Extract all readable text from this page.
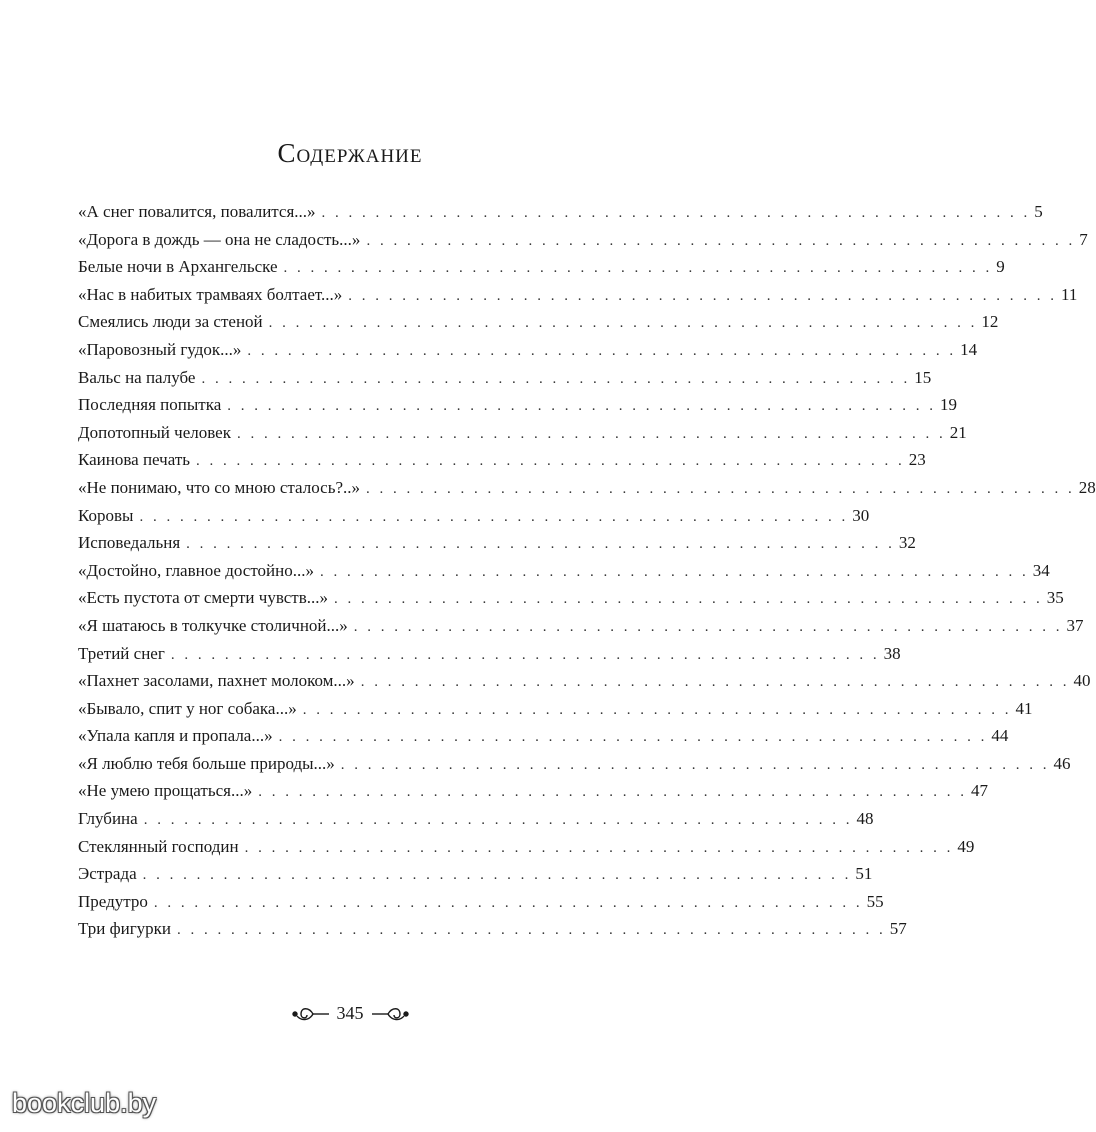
Содержание
«А снег повалится, повалится...» . . . . . . . . . . . . . . . . . . . . . . . . . . . . . . . . . . . . . . . . . . . . . . . . . . . . . 5
«Дорога в дождь — она не сладость...» . . . . . . . . . . . . . . . . . . . . . . . . . . . . . . . . . . . . . . . . . . . . . . . . . . . . . 7
Белые ночи в Архангельске . . . . . . . . . . . . . . . . . . . . . . . . . . . . . . . . . . . . . . . . . . . . . . . . . . . . . 9
«Нас в набитых трамваях болтает...» . . . . . . . . . . . . . . . . . . . . . . . . . . . . . . . . . . . . . . . . . . . . . . . . . . . . . 11
Смеялись люди за стеной . . . . . . . . . . . . . . . . . . . . . . . . . . . . . . . . . . . . . . . . . . . . . . . . . . . . . 12
«Паровозный гудок...» . . . . . . . . . . . . . . . . . . . . . . . . . . . . . . . . . . . . . . . . . . . . . . . . . . . . . 14
Вальс на палубе . . . . . . . . . . . . . . . . . . . . . . . . . . . . . . . . . . . . . . . . . . . . . . . . . . . . . 15
Последняя попытка . . . . . . . . . . . . . . . . . . . . . . . . . . . . . . . . . . . . . . . . . . . . . . . . . . . . . 19
Допотопный человек . . . . . . . . . . . . . . . . . . . . . . . . . . . . . . . . . . . . . . . . . . . . . . . . . . . . . 21
Каинова печать . . . . . . . . . . . . . . . . . . . . . . . . . . . . . . . . . . . . . . . . . . . . . . . . . . . . . 23
«Не понимаю, что со мною сталось?..» . . . . . . . . . . . . . . . . . . . . . . . . . . . . . . . . . . . . . . . . . . . . . . . . . . . . . 28
Коровы . . . . . . . . . . . . . . . . . . . . . . . . . . . . . . . . . . . . . . . . . . . . . . . . . . . . . 30
Исповедальня . . . . . . . . . . . . . . . . . . . . . . . . . . . . . . . . . . . . . . . . . . . . . . . . . . . . . 32
«Достойно, главное достойно...» . . . . . . . . . . . . . . . . . . . . . . . . . . . . . . . . . . . . . . . . . . . . . . . . . . . . . 34
«Есть пустота от смерти чувств...» . . . . . . . . . . . . . . . . . . . . . . . . . . . . . . . . . . . . . . . . . . . . . . . . . . . . . 35
«Я шатаюсь в толкучке столичной...» . . . . . . . . . . . . . . . . . . . . . . . . . . . . . . . . . . . . . . . . . . . . . . . . . . . . . 37
Третий снег . . . . . . . . . . . . . . . . . . . . . . . . . . . . . . . . . . . . . . . . . . . . . . . . . . . . . 38
«Пахнет засолами, пахнет молоком...» . . . . . . . . . . . . . . . . . . . . . . . . . . . . . . . . . . . . . . . . . . . . . . . . . . . . . 40
«Бывало, спит у ног собака...» . . . . . . . . . . . . . . . . . . . . . . . . . . . . . . . . . . . . . . . . . . . . . . . . . . . . . 41
«Упала капля и пропала...» . . . . . . . . . . . . . . . . . . . . . . . . . . . . . . . . . . . . . . . . . . . . . . . . . . . . . 44
«Я люблю тебя больше природы...» . . . . . . . . . . . . . . . . . . . . . . . . . . . . . . . . . . . . . . . . . . . . . . . . . . . . . 46
«Не умею прощаться...» . . . . . . . . . . . . . . . . . . . . . . . . . . . . . . . . . . . . . . . . . . . . . . . . . . . . . 47
Глубина . . . . . . . . . . . . . . . . . . . . . . . . . . . . . . . . . . . . . . . . . . . . . . . . . . . . . 48
Стеклянный господин . . . . . . . . . . . . . . . . . . . . . . . . . . . . . . . . . . . . . . . . . . . . . . . . . . . . . 49
Эстрада . . . . . . . . . . . . . . . . . . . . . . . . . . . . . . . . . . . . . . . . . . . . . . . . . . . . . 51
Предутро . . . . . . . . . . . . . . . . . . . . . . . . . . . . . . . . . . . . . . . . . . . . . . . . . . . . . 55
Три фигурки . . . . . . . . . . . . . . . . . . . . . . . . . . . . . . . . . . . . . . . . . . . . . . . . . . . . . 57
345
bookclub.by
